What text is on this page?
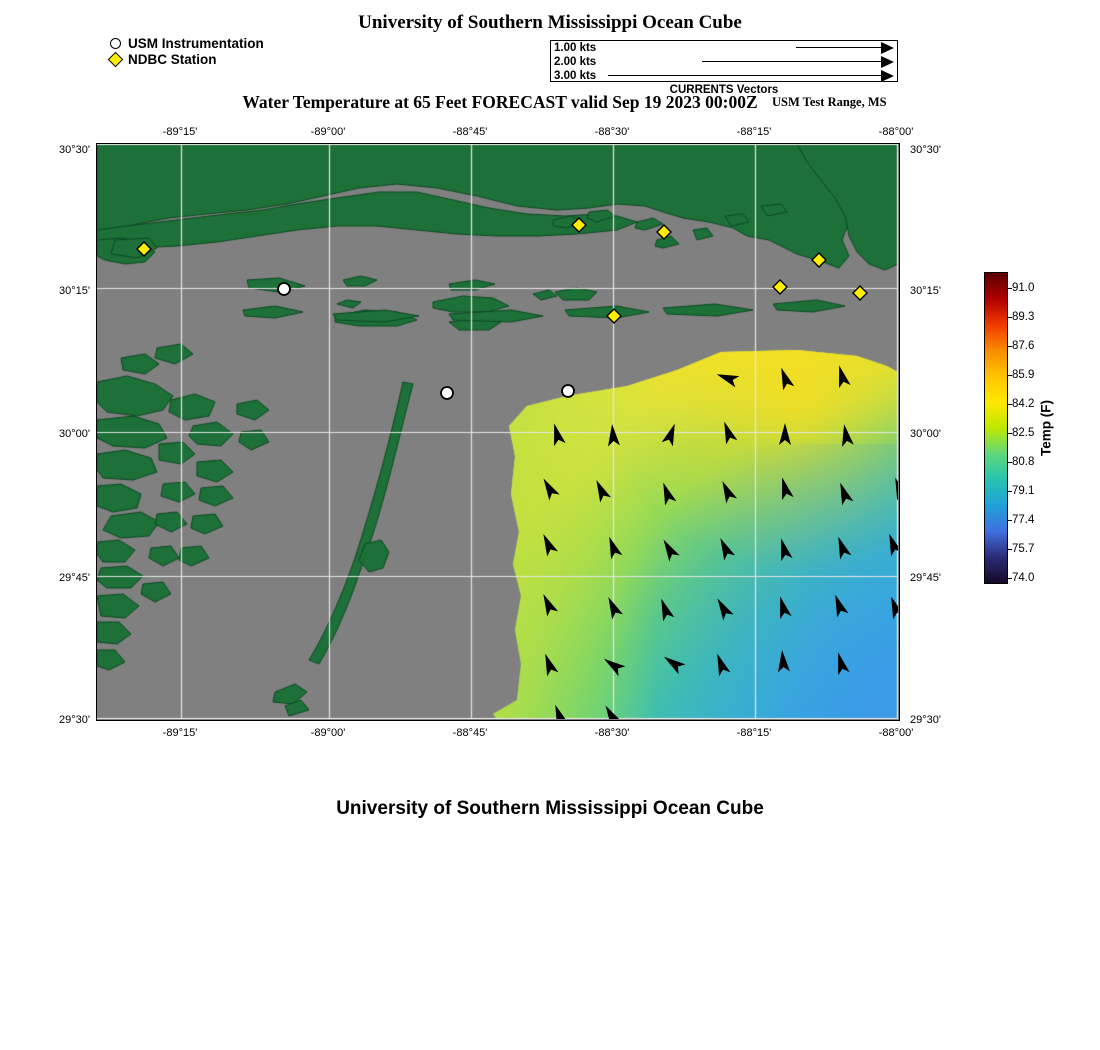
University of Southern Mississippi Ocean Cube
USM Instrumentation
NDBC Station
1.00 kts
2.00 kts
3.00 kts
CURRENTS Vectors
Water Temperature at 65 Feet FORECAST valid Sep 19 2023 00:00Z	USM Test Range, MS
-89°15'	-89°00'	-88°45'	-88°30'	-88°15'	-88°00'
-89°15'	-89°00'	-88°45'	-88°30'	-88°15'	-88°00'
30°30'
30°15'
30°00'
29°45'
29°30'
30°30'
30°15'
30°00'
29°45'
29°30'
Temp (F)
91.0
89.3
87.6
85.9
84.2
82.5
80.8
79.1
77.4
75.7
74.0
University of Southern Mississippi Ocean Cube
